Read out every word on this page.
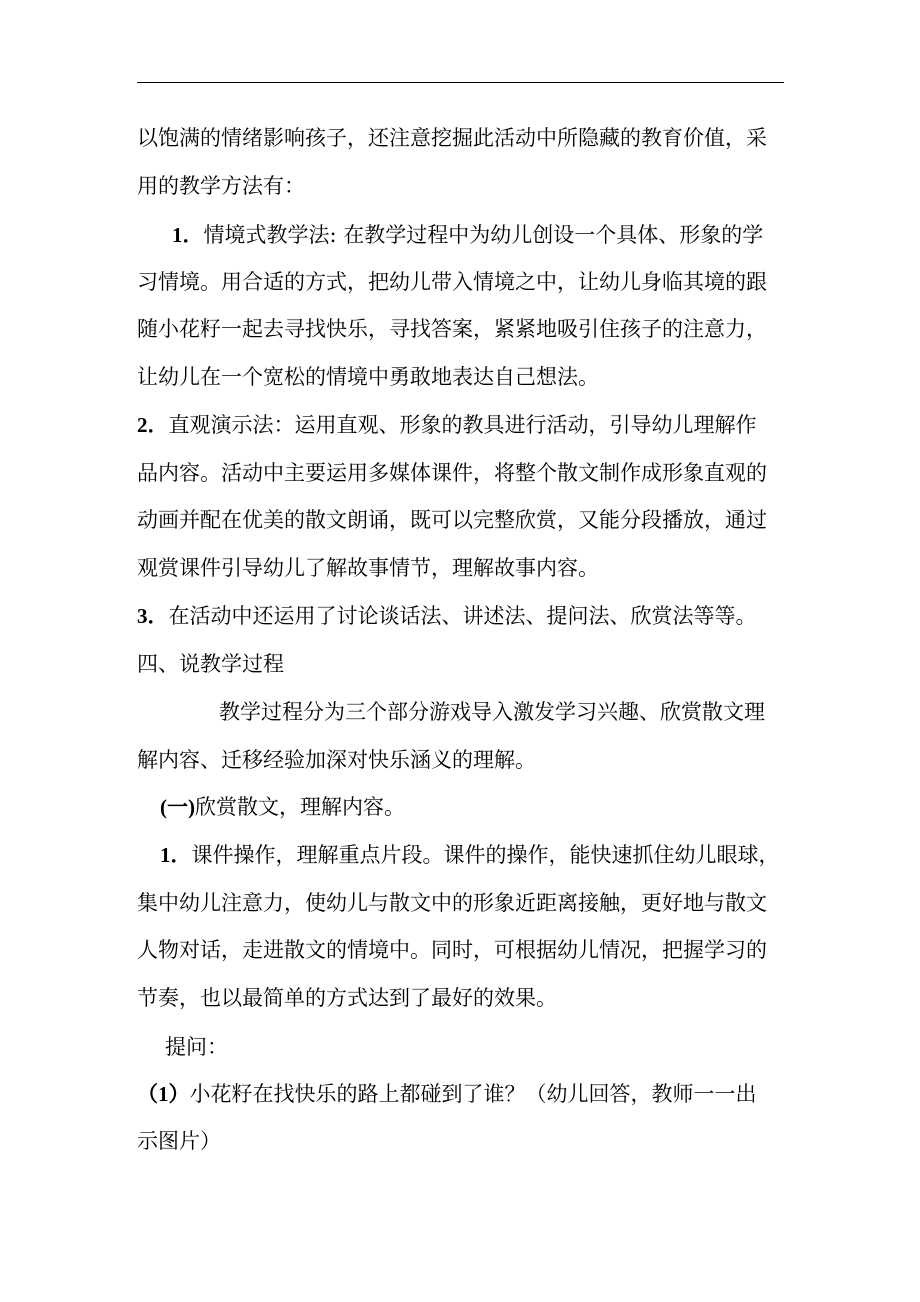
以饱满的情绪影响孩子，还注意挖掘此活动中所隐藏的教育价值，采
用的教学方法有：
1．情境式教学法: 在教学过程中为幼儿创设一个具体、形象的学
习情境。用合适的方式，把幼儿带入情境之中，让幼儿身临其境的跟
随小花籽一起去寻找快乐，寻找答案，紧紧地吸引住孩子的注意力，
让幼儿在一个宽松的情境中勇敢地表达自己想法。
2．直观演示法：运用直观、形象的教具进行活动，引导幼儿理解作
品内容。活动中主要运用多媒体课件，将整个散文制作成形象直观的
动画并配在优美的散文朗诵，既可以完整欣赏，又能分段播放，通过
观赏课件引导幼儿了解故事情节，理解故事内容。
3．在活动中还运用了讨论谈话法、讲述法、提问法、欣赏法等等。
四、说教学过程
教学过程分为三个部分游戏导入激发学习兴趣、欣赏散文理
解内容、迁移经验加深对快乐涵义的理解。
(一)欣赏散文，理解内容。
1．课件操作，理解重点片段。课件的操作，能快速抓住幼儿眼球，
集中幼儿注意力，使幼儿与散文中的形象近距离接触，更好地与散文
人物对话，走进散文的情境中。同时，可根据幼儿情况，把握学习的
节奏，也以最简单的方式达到了最好的效果。
提问：
（1）小花籽在找快乐的路上都碰到了谁？（幼儿回答，教师一一出
示图片）
